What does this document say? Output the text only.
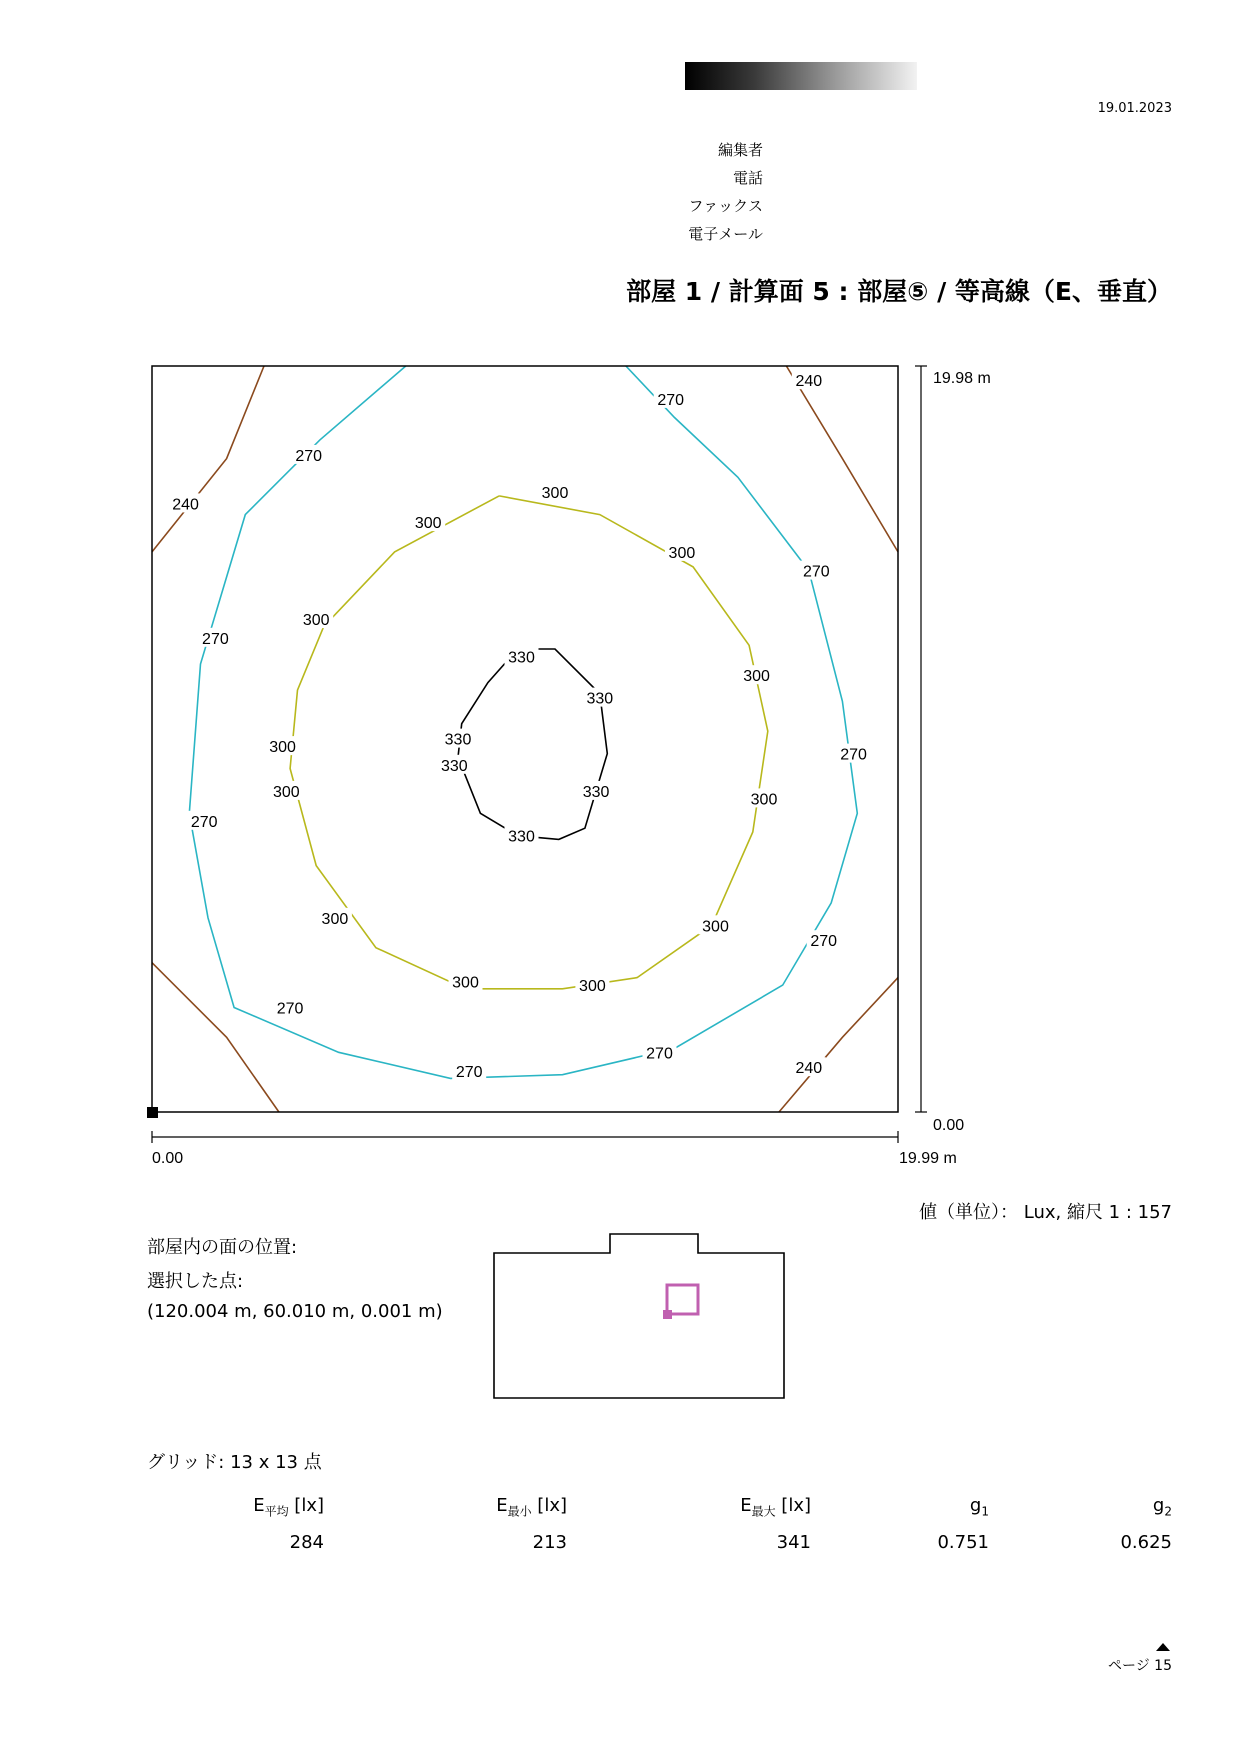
19.01.2023
編集者
電話
ファックス
電子メール
部屋 1 / 計算面 5 : 部屋⑤ / 等高線（E、垂直）
240
240
240
270
270
270
270
270
270
270
270
270
270
300
300
300
300
300
300
300	300
300	300
300	300
330
330
330
330
330
330
0.00	19.99 m
19.98 m
0.00
値（単位）： Lux, 縮尺 1 : 157
部屋内の面の位置:
選択した点:
(120.004 m, 60.010 m, 0.001 m)
グリッド: 13 x 13 点
$E_{平均}$ [lx]	$E_{最小}$ [lx]	$E_{最大}$ [lx]	$g_1$	$g_2$
284	213	341	0.751	0.625
ページ 15
